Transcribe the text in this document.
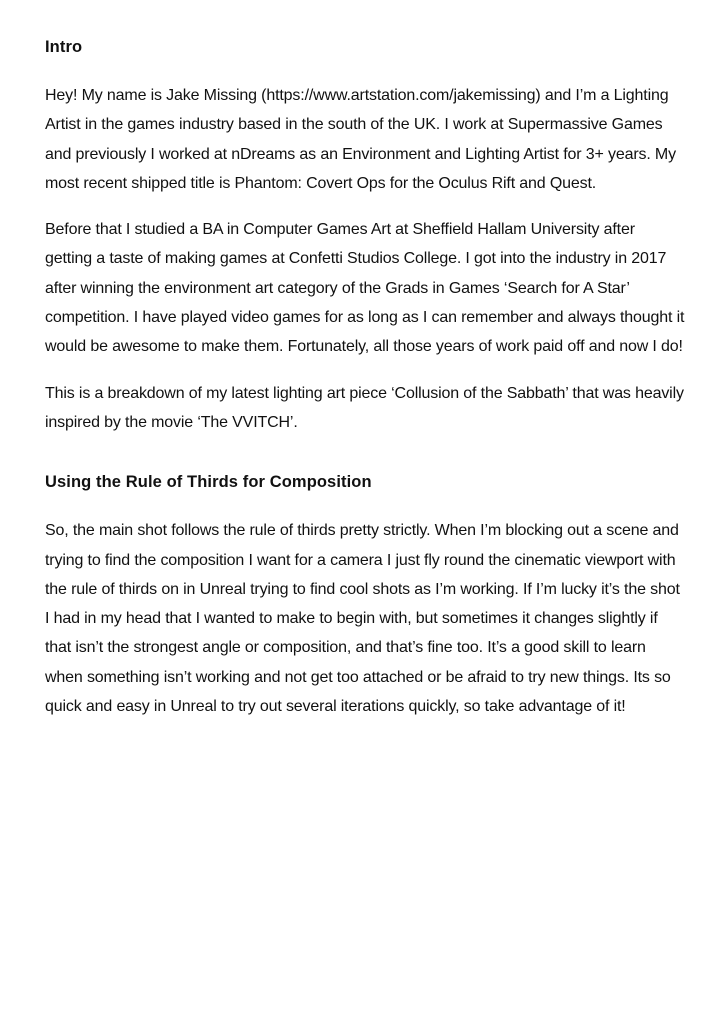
Intro

Hey! My name is Jake Missing (https://www.artstation.com/jakemissing) and I’m a Lighting Artist in the games industry based in the south of the UK. I work at Supermassive Games and previously I worked at nDreams as an Environment and Lighting Artist for 3+ years. My most recent shipped title is Phantom: Covert Ops for the Oculus Rift and Quest.

Before that I studied a BA in Computer Games Art at Sheffield Hallam University after getting a taste of making games at Confetti Studios College. I got into the industry in 2017 after winning the environment art category of the Grads in Games ‘Search for A Star’ competition. I have played video games for as long as I can remember and always thought it would be awesome to make them. Fortunately, all those years of work paid off and now I do!

This is a breakdown of my latest lighting art piece ‘Collusion of the Sabbath’ that was heavily inspired by the movie ‘The VVITCH’.

Using the Rule of Thirds for Composition

So, the main shot follows the rule of thirds pretty strictly. When I’m blocking out a scene and trying to find the composition I want for a camera I just fly round the cinematic viewport with the rule of thirds on in Unreal trying to find cool shots as I’m working. If I’m lucky it’s the shot I had in my head that I wanted to make to begin with, but sometimes it changes slightly if that isn’t the strongest angle or composition, and that’s fine too. It’s a good skill to learn when something isn’t working and not get too attached or be afraid to try new things. Its so quick and easy in Unreal to try out several iterations quickly, so take advantage of it!
